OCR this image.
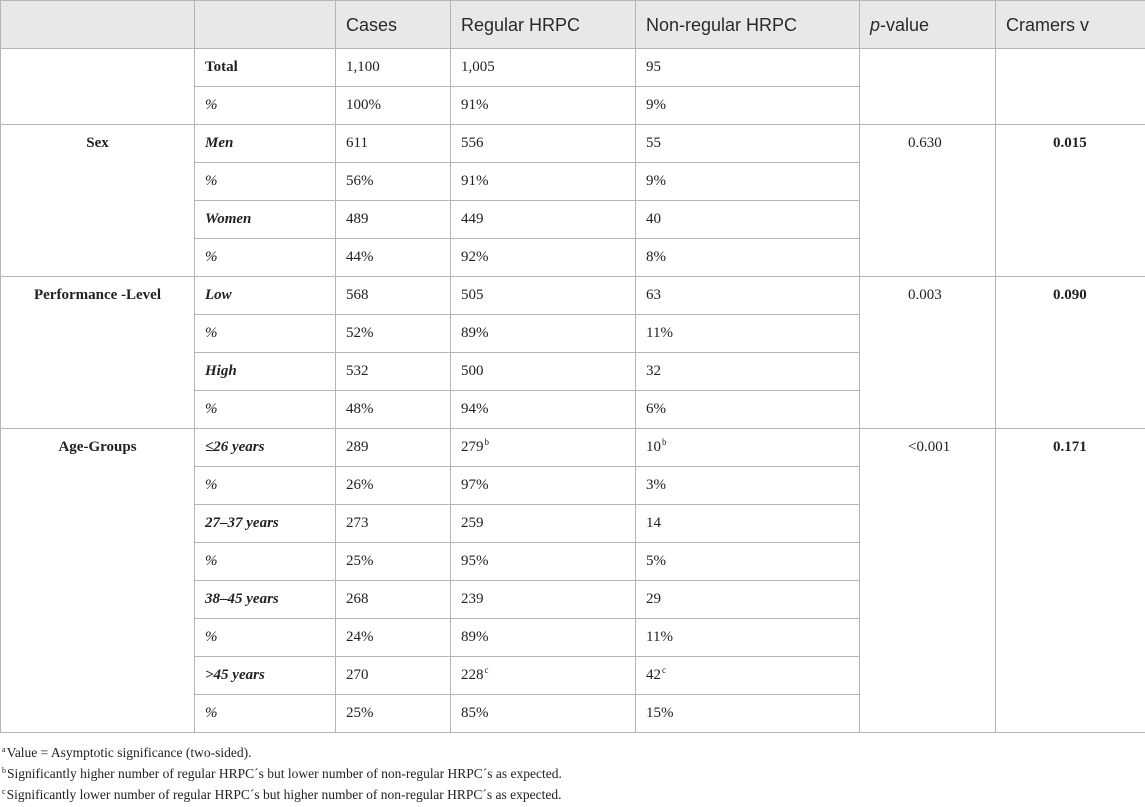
		Cases	Regular HRPC	Non-regular HRPC	p-value	Cramers v
	Total	1,100	1,005	95		
	%	100%	91%	9%		
Sex	Men	611	556	55	0.630	0.015
	%	56%	91%	9%		
	Women	489	449	40		
	%	44%	92%	8%		
Performance -Level	Low	568	505	63	0.003	0.090
	%	52%	89%	11%		
	High	532	500	32		
	%	48%	94%	6%		
Age-Groups	≤26 years	289	279$^b$	$10^b$	<0.001	0.171
	%	26%	97%	3%		
	27–37 years	273	259	14		
	%	25%	95%	5%		
	38–45 years	268	239	29		
	%	24%	89%	11%		
	>45 years	270	228$^c$	42$^c$
	%	25%	85%	15%		

$^a$Value = Asymptotic significance (two-sided).

$^b$Significantly higher number of regular HRPC´s but lower number of non-regular HRPC´s as expected.

$^c$Significantly lower number of regular HRPC´s but higher number of non-regular HRPC´s as expected.
